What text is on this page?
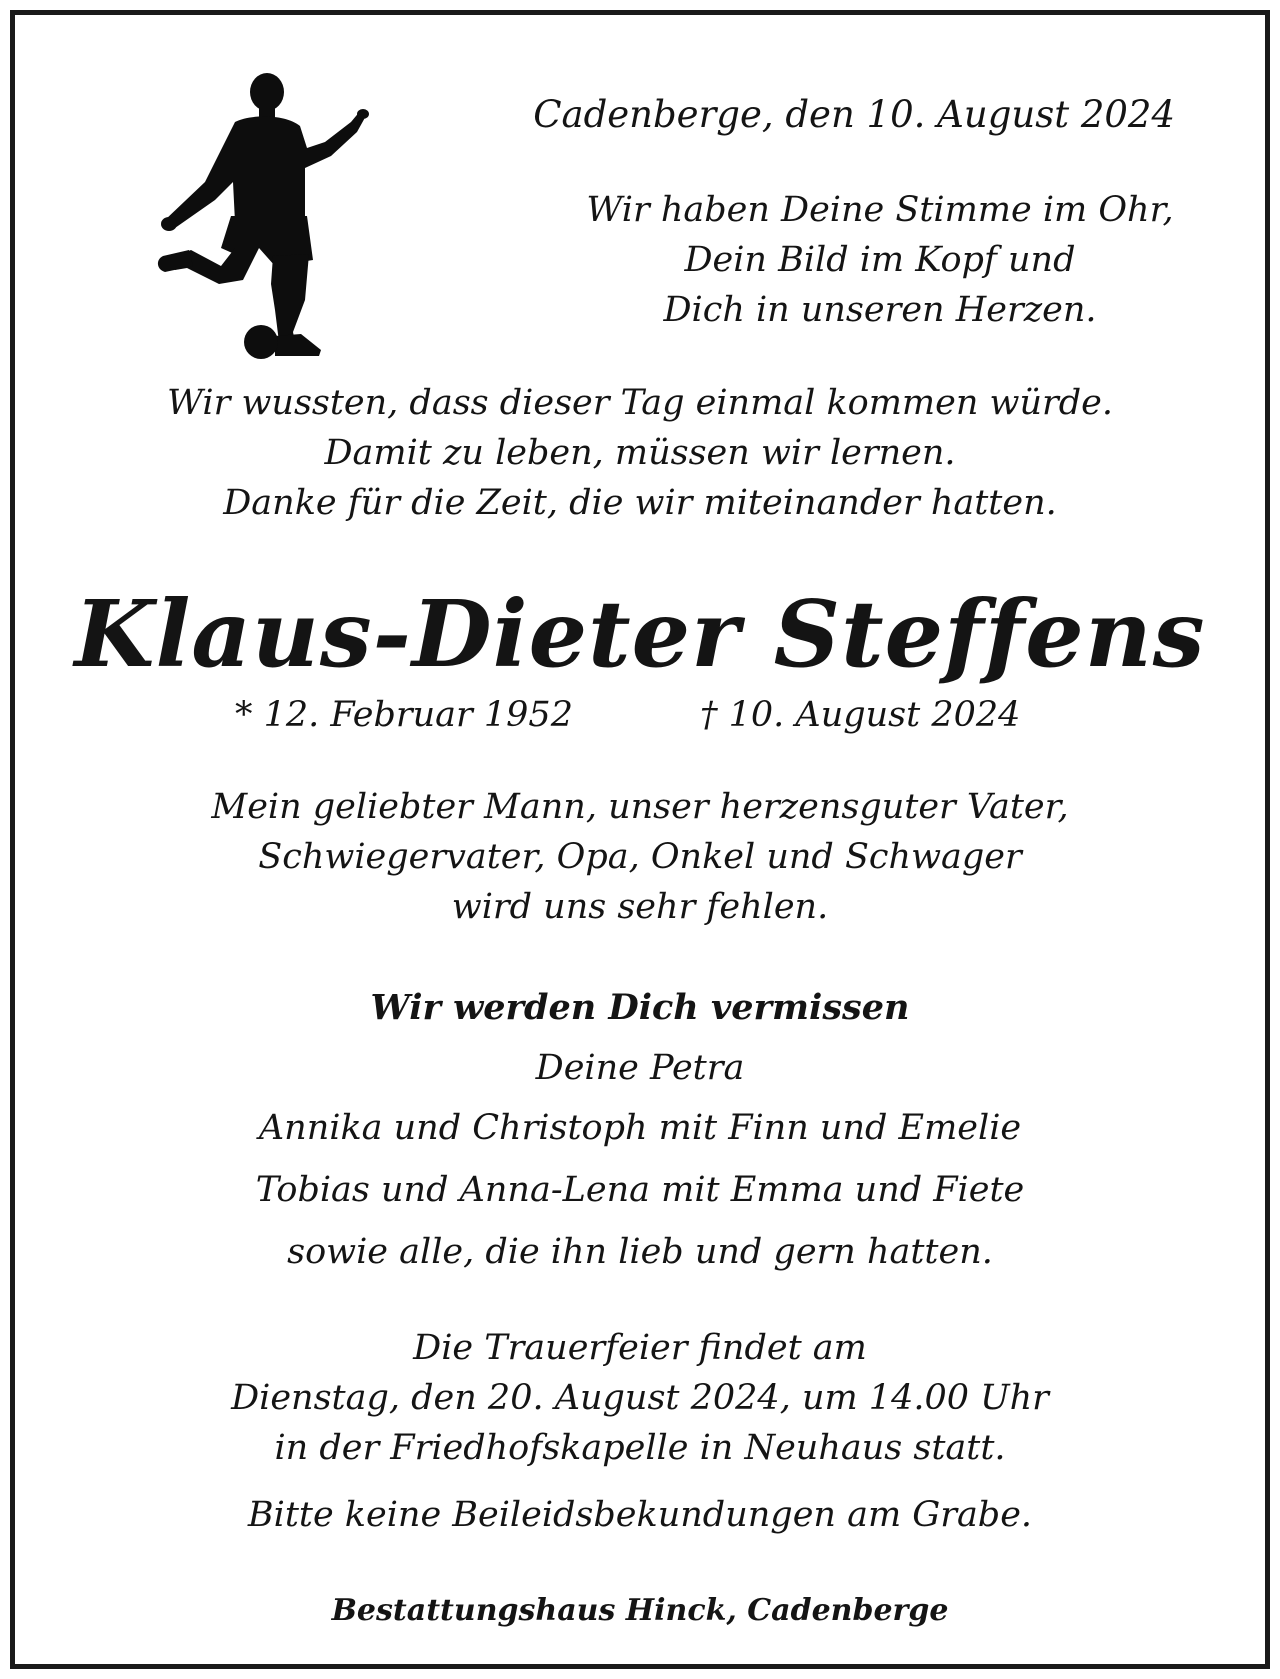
Cadenberge, den 10. August 2024
Wir haben Deine Stimme im Ohr,
Dein Bild im Kopf und
Dich in unseren Herzen.
Wir wussten, dass dieser Tag einmal kommen würde.
Damit zu leben, müssen wir lernen.
Danke für die Zeit, die wir miteinander hatten.
Klaus-Dieter Steffens
* 12. Februar 1952	† 10. August 2024
Mein geliebter Mann, unser herzensguter Vater,
Schwiegervater, Opa, Onkel und Schwager
wird uns sehr fehlen.
Wir werden Dich vermissen
Deine Petra
Annika und Christoph mit Finn und Emelie
Tobias und Anna-Lena mit Emma und Fiete
sowie alle, die ihn lieb und gern hatten.
Die Trauerfeier findet am
Dienstag, den 20. August 2024, um 14.00 Uhr
in der Friedhofskapelle in Neuhaus statt.
Bitte keine Beileidsbekundungen am Grabe.
Bestattungshaus Hinck, Cadenberge
